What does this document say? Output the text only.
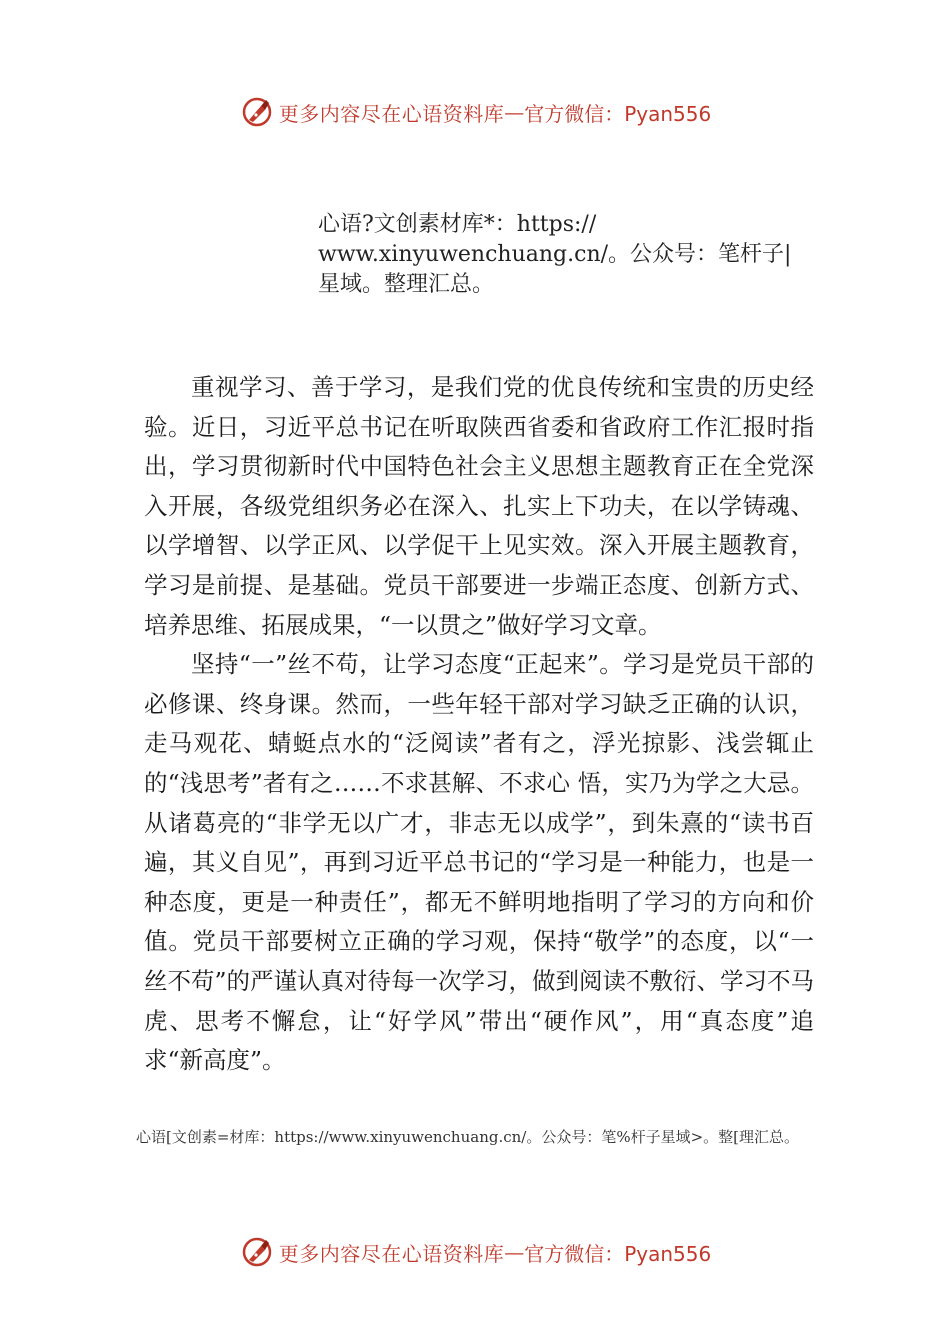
更多内容尽在心语资料库 — 官方微信：Pyan556
心语?文创素材库*：https://
www.xinyuwenchuang.cn/。公众号：笔杆子|
星域。整理汇总。

重视学习、善于学习，是我们党的优良传统和宝贵的历史经验。近日，习近平总书记在听取陕西省委和省政府工作汇报时指出，学习贯彻新时代中国特色社会主义思想主题教育正在全党深入开展，各级党组织务必在深入、扎实上下功夫，在以学铸魂、以学增智、以学正风、以学促干上见实效。深入开展主题教育，学习是前提、是基础。党员干部要进一步端正态度、创新方式、培养思维、拓展成果，“一以贯之”做好学习文章。

坚持“一”丝不苟，让学习态度“正起来”。学习是党员干部的必修课、终身课。然而，一些年轻干部对学习缺乏正确的认识，走马观花、蜻蜓点水的“泛阅读”者有之，浮光掠影、浅尝辄止的“浅思考”者有之……不求甚解、不求心 悟，实乃为学之大忌。从诸葛亮的“非学无以广才，非志无以成学”，到朱熹的“读书百遍，其义自见”，再到习近平总书记的“学习是一种能力，也是一种态度，更是一种责任”，都无不鲜明地指明了学习的方向和价值。党员干部要树立正确的学习观，保持“敬学”的态度，以“一丝不苟”的严谨认真对待每一次学习，做到阅读不敷衍、学习不马虎、思考不懈怠，让“好学风”带出“硬作风”，用“真态度”追求“新高度”。

心语[文创素=材库：https://www.xinyuwenchuang.cn/。公众号：笔%杆子星域>。整[理汇总。
更多内容尽在心语资料库 — 官方微信：Pyan556
